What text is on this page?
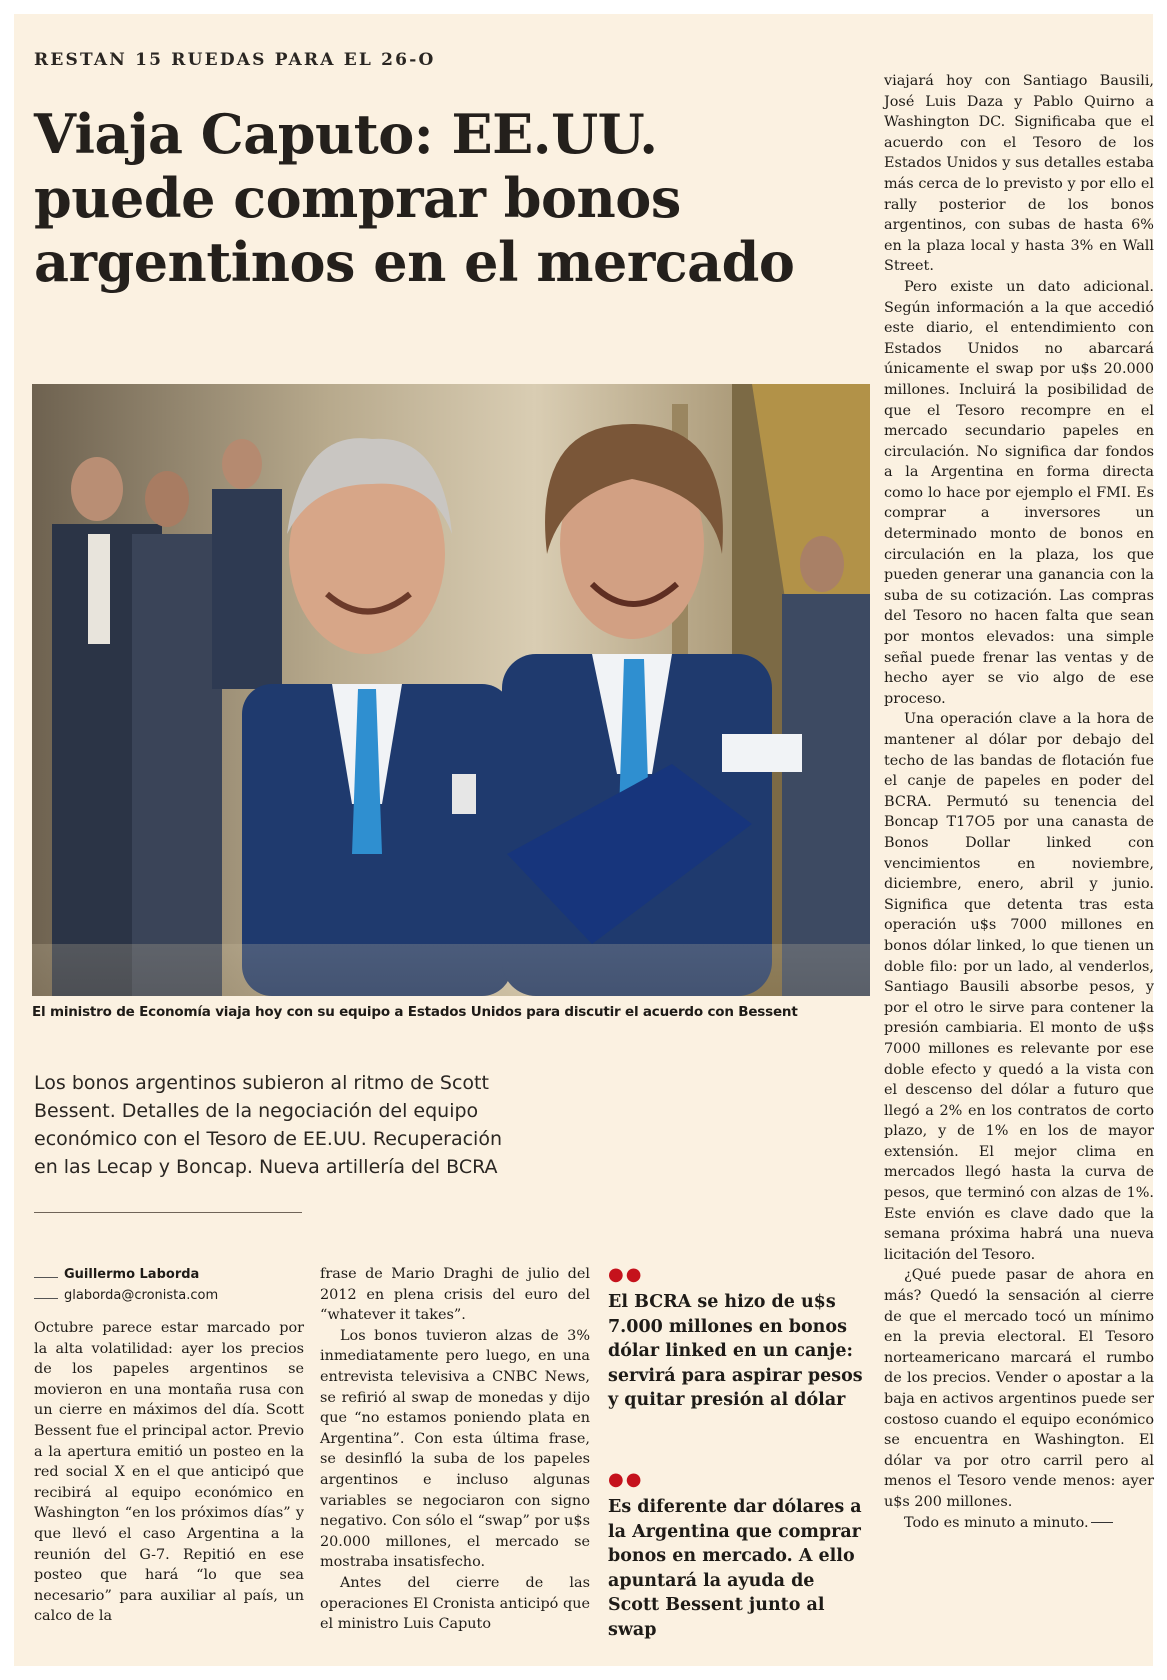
RESTAN 15 RUEDAS PARA EL 26-O
Viaja Caputo: EE.UU.
puede comprar bonos
argentinos en el mercado
El ministro de Economía viaja hoy con su equipo a Estados Unidos para discutir el acuerdo con Bessent
Los bonos argentinos subieron al ritmo de Scott Bessent. Detalles de la negociación del equipo económico con el Tesoro de EE.UU. Recuperación en las Lecap y Boncap. Nueva artillería del BCRA
Guillermo Laborda
glaborda@cronista.com

Octubre parece estar marcado por la alta volatilidad: ayer los precios de los papeles argentinos se movieron en una montaña rusa con un cierre en máximos del día. Scott Bessent fue el principal actor. Previo a la apertura emitió un posteo en la red social X en el que anticipó que recibirá al equipo económico en Washington “en los próximos días” y que llevó el caso Argentina a la reunión del G-7. Repitió en ese posteo que hará “lo que sea necesario” para auxiliar al país, un calco de la

frase de Mario Draghi de julio del 2012 en plena crisis del euro del “whatever it takes”.

Los bonos tuvieron alzas de 3% inmediatamente pero luego, en una entrevista televisiva a CNBC News, se refirió al swap de monedas y dijo que “no estamos poniendo plata en Argentina”. Con esta última frase, se desinfló la suba de los papeles argentinos e incluso algunas variables se negociaron con signo negativo. Con sólo el “swap” por u$s 20.000 millones, el mercado se mostraba insatisfecho.

Antes del cierre de las operaciones El Cronista anticipó que el ministro Luis Caputo

●●
El BCRA se hizo de u$s 7.000 millones en bonos dólar linked en un canje: servirá para aspirar pesos y quitar presión al dólar
●●
Es diferente dar dólares a la Argentina que comprar bonos en mercado. A ello apuntará la ayuda de Scott Bessent junto al swap

viajará hoy con Santiago Bausili, José Luis Daza y Pablo Quirno a Washington DC. Significaba que el acuerdo con el Tesoro de los Estados Unidos y sus detalles estaba más cerca de lo previsto y por ello el rally posterior de los bonos argentinos, con subas de hasta 6% en la plaza local y hasta 3% en Wall Street.

Pero existe un dato adicional. Según información a la que accedió este diario, el entendimiento con Estados Unidos no abarcará únicamente el swap por u$s 20.000 millones. Incluirá la posibilidad de que el Tesoro recompre en el mercado secundario papeles en circulación. No significa dar fondos a la Argentina en forma directa como lo hace por ejemplo el FMI. Es comprar a inversores un determinado monto de bonos en circulación en la plaza, los que pueden generar una ganancia con la suba de su cotización. Las compras del Tesoro no hacen falta que sean por montos elevados: una simple señal puede frenar las ventas y de hecho ayer se vio algo de ese proceso.

Una operación clave a la hora de mantener al dólar por debajo del techo de las bandas de flotación fue el canje de papeles en poder del BCRA. Permutó su tenencia del Boncap T17O5 por una canasta de Bonos Dollar linked con vencimientos en noviembre, diciembre, enero, abril y junio. Significa que detenta tras esta operación u$s 7000 millones en bonos dólar linked, lo que tienen un doble filo: por un lado, al venderlos, Santiago Bausili absorbe pesos, y por el otro le sirve para contener la presión cambiaria. El monto de u$s 7000 millones es relevante por ese doble efecto y quedó a la vista con el descenso del dólar a futuro que llegó a 2% en los contratos de corto plazo, y de 1% en los de mayor extensión. El mejor clima en mercados llegó hasta la curva de pesos, que terminó con alzas de 1%. Este envión es clave dado que la semana próxima habrá una nueva licitación del Tesoro.

¿Qué puede pasar de ahora en más? Quedó la sensación al cierre de que el mercado tocó un mínimo en la previa electoral. El Tesoro norteamericano marcará el rumbo de los precios. Vender o apostar a la baja en activos argentinos puede ser costoso cuando el equipo económico se encuentra en Washington. El dólar va por otro carril pero al menos el Tesoro vende menos: ayer u$s 200 millones.

Todo es minuto a minuto.
